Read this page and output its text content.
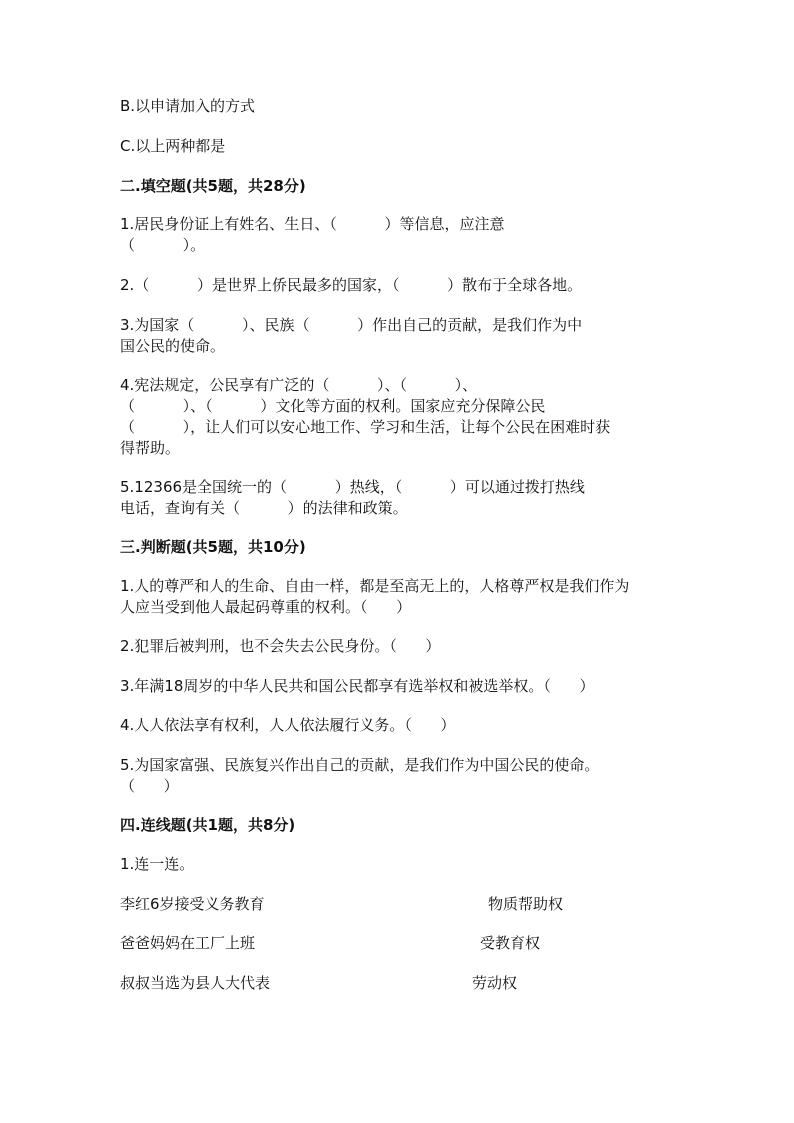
B.以申请加入的方式
C.以上两种都是
二.填空题(共5题，共28分)
1.居民身份证上有姓名、生日、（          ）等信息，应注意
（          ）。
2.（          ）是世界上侨民最多的国家，（          ）散布于全球各地。
3.为国家（          ）、民族（          ）作出自己的贡献，是我们作为中
国公民的使命。
4.宪法规定，公民享有广泛的（          ）、（          ）、
（          ）、（          ）文化等方面的权利。国家应充分保障公民
（          ），让人们可以安心地工作、学习和生活，让每个公民在困难时获
得帮助。
5.12366是全国统一的（          ）热线，（          ）可以通过拨打热线
电话，查询有关（          ）的法律和政策。
三.判断题(共5题，共10分)
1.人的尊严和人的生命、自由一样，都是至高无上的，人格尊严权是我们作为
人应当受到他人最起码尊重的权利。（      ）
2.犯罪后被判刑，也不会失去公民身份。（      ）
3.年满18周岁的中华人民共和国公民都享有选举权和被选举权。（      ）
4.人人依法享有权利，人人依法履行义务。（      ）
5.为国家富强、民族复兴作出自己的贡献，是我们作为中国公民的使命。
（      ）
四.连线题(共1题，共8分)
1.连一连。
李红6岁接受义务教育	物质帮助权
爸爸妈妈在工厂上班	受教育权
叔叔当选为县人大代表	劳动权
